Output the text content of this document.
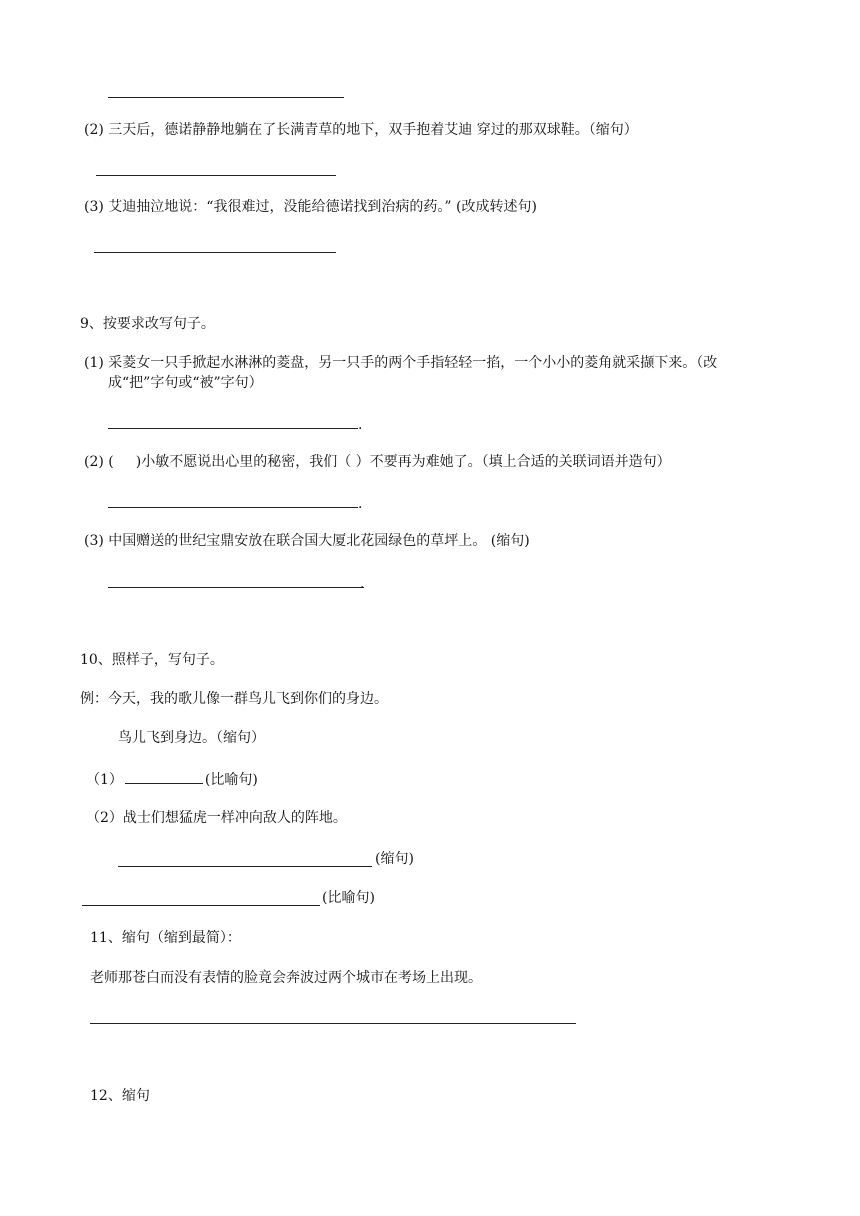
(2) 三天后，德诺静静地躺在了长满青草的地下，双手抱着艾迪 穿过的那双球鞋。（缩句）
(3) 艾迪抽泣地说：“我很难过，没能给德诺找到治病的药。” (改成转述句)
9、按要求改写句子。
(1) 采菱女一只手掀起水淋淋的菱盘，另一只手的两个手指轻轻一掐，一个小小的菱角就采撷下来。（改
成“把”字句或“被”字句）
.
(2) ( )小敏不愿说出心里的秘密，我们（ ）不要再为难她了。（填上合适的关联词语并造句）
.
(3) 中国赠送的世纪宝鼎安放在联合国大厦北花园绿色的草坪上。 (缩句)
.
10、照样子，写句子。
例：今天，我的歌儿像一群鸟儿飞到你们的身边。
鸟儿飞到身边。（缩句）
（1）	(比喻句)
（2）战士们想猛虎一样冲向敌人的阵地。
(缩句)
(比喻句)
11、缩句（缩到最简）：
老师那苍白而没有表情的脸竟会奔波过两个城市在考场上出现。
12、缩句
